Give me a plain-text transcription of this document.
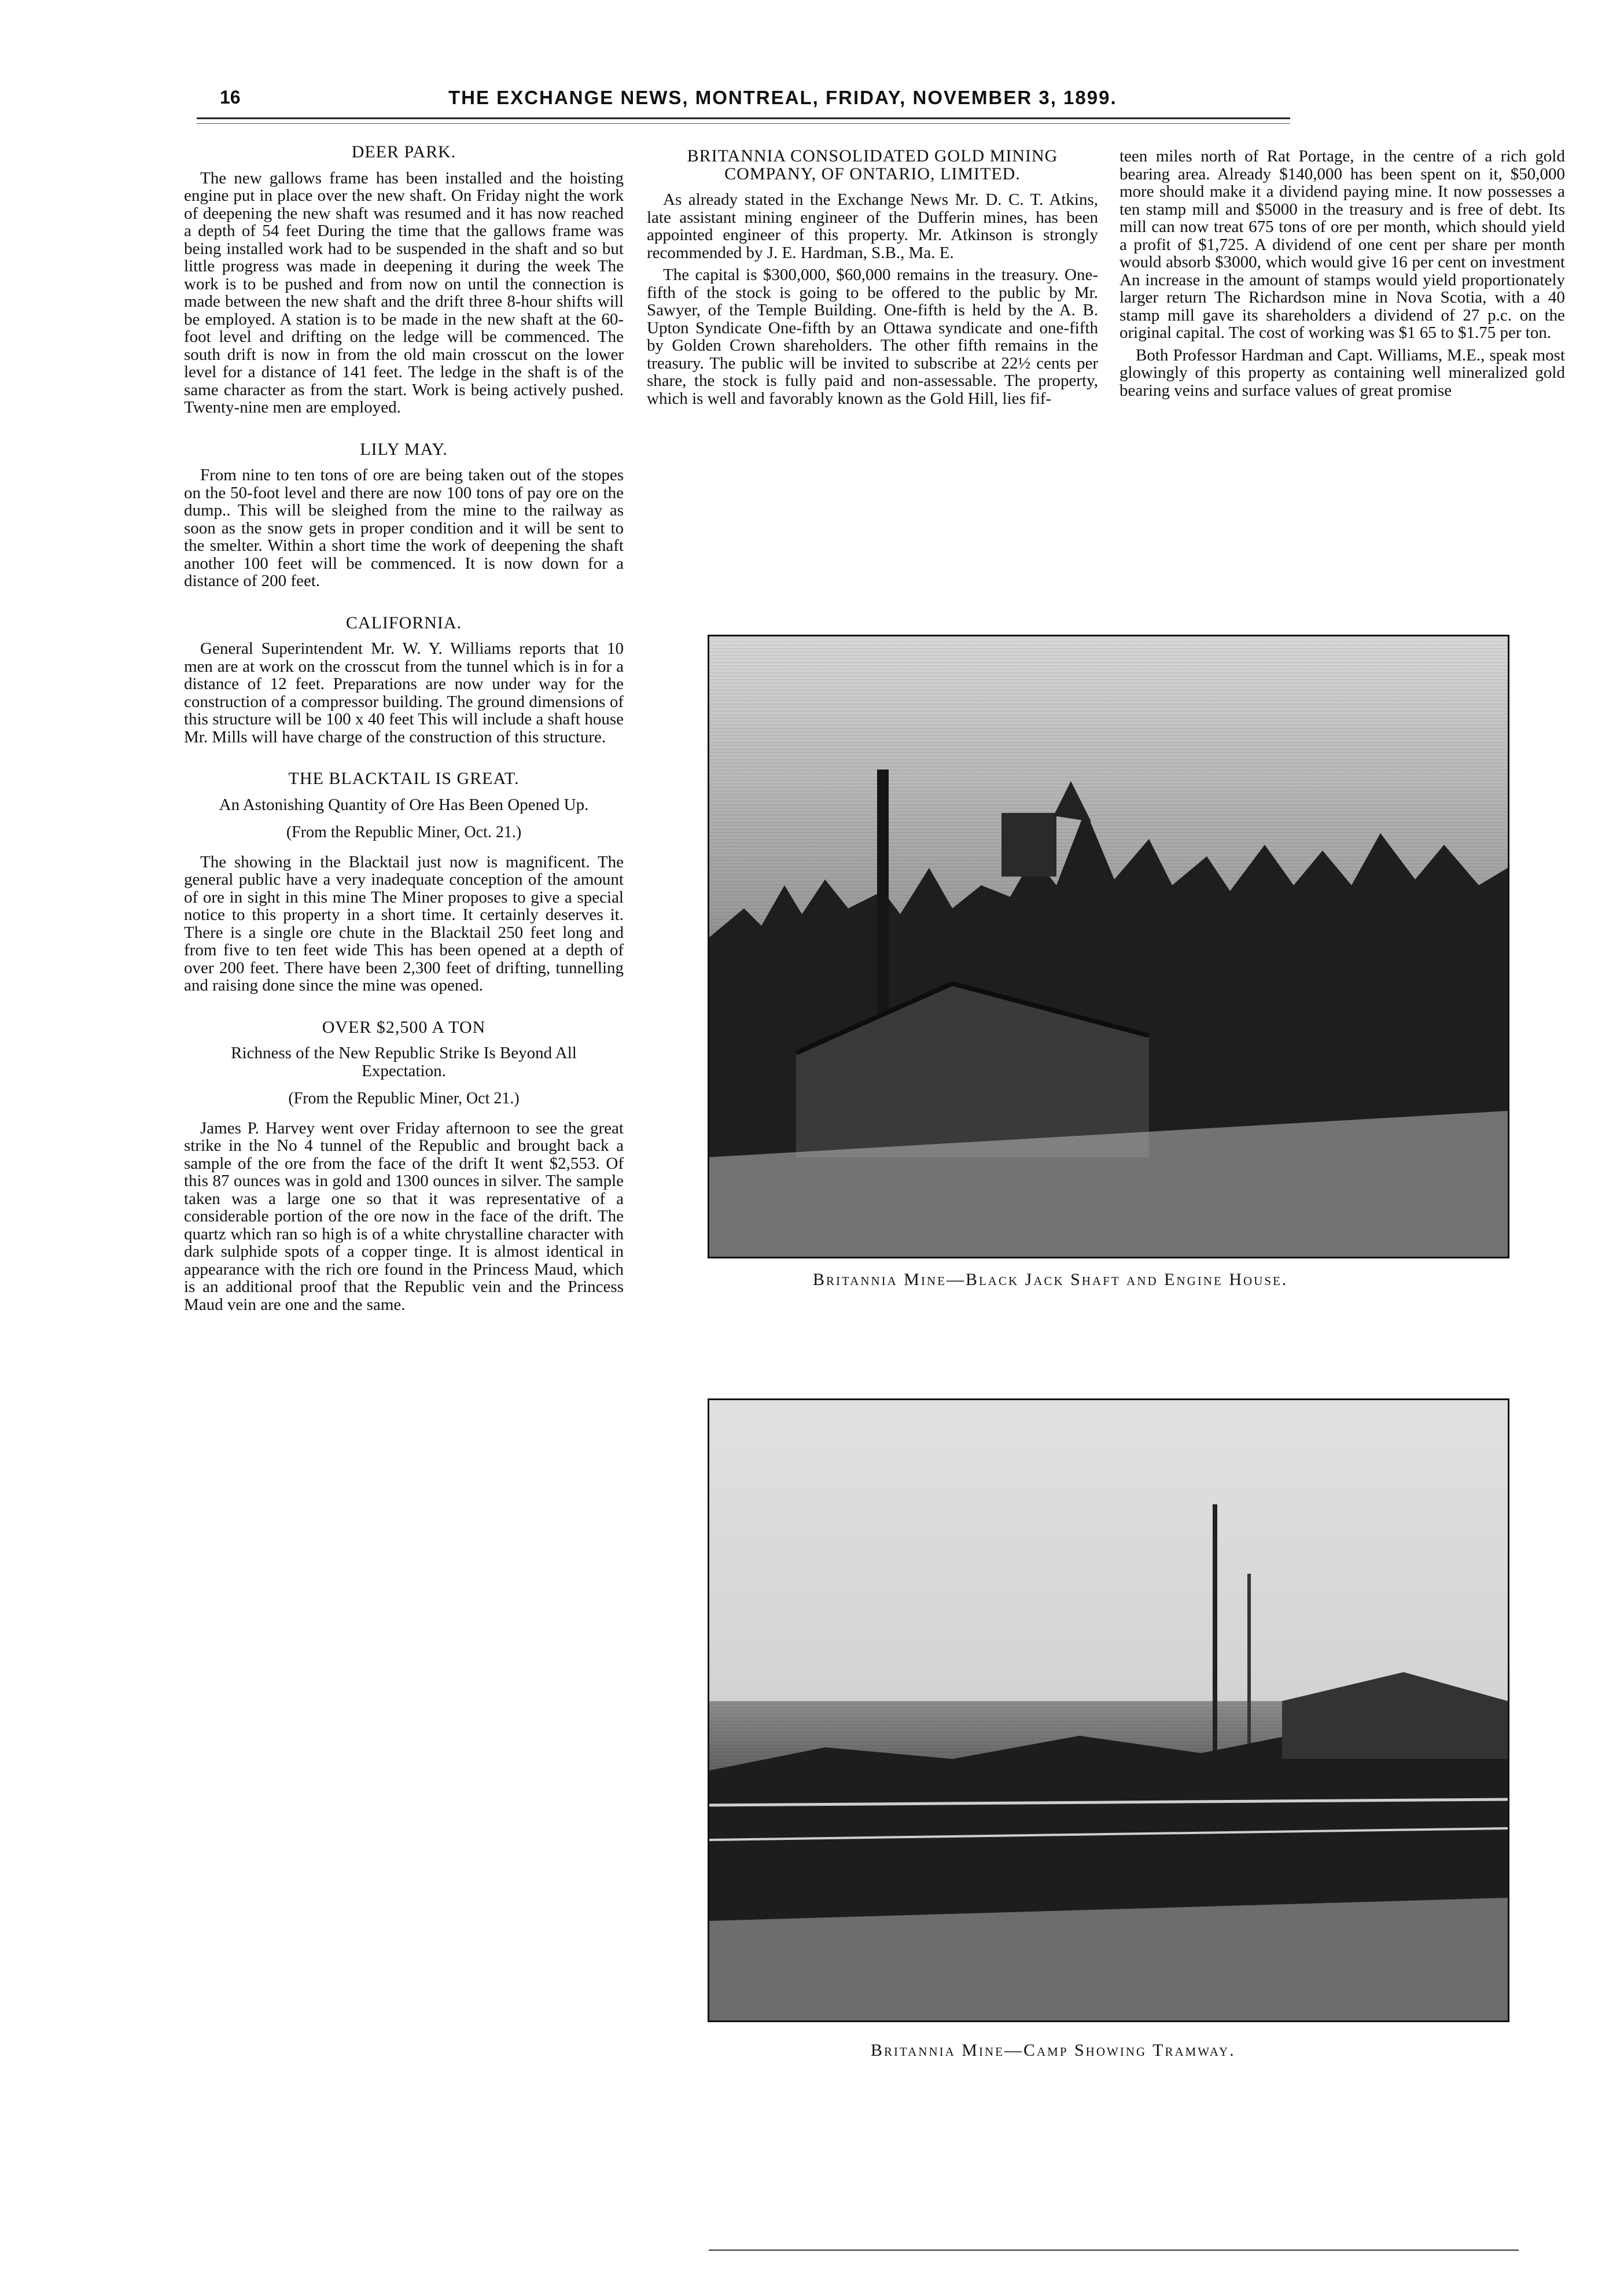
16	THE EXCHANGE NEWS, MONTREAL, FRIDAY, NOVEMBER 3, 1899.

DEER PARK.

The new gallows frame has been installed and the hoisting engine put in place over the new shaft. On Friday night the work of deepening the new shaft was resumed and it has now reached a depth of 54 feet During the time that the gallows frame was being installed work had to be suspended in the shaft and so but little progress was made in deepening it during the week The work is to be pushed and from now on until the connection is made between the new shaft and the drift three 8-hour shifts will be employed. A station is to be made in the new shaft at the 60-foot level and drifting on the ledge will be commenced. The south drift is now in from the old main crosscut on the lower level for a distance of 141 feet. The ledge in the shaft is of the same character as from the start. Work is being actively pushed. Twenty-nine men are employed.

LILY MAY.

From nine to ten tons of ore are being taken out of the stopes on the 50-foot level and there are now 100 tons of pay ore on the dump.. This will be sleighed from the mine to the railway as soon as the snow gets in proper condition and it will be sent to the smelter. Within a short time the work of deepening the shaft another 100 feet will be commenced. It is now down for a distance of 200 feet.

CALIFORNIA.

General Superintendent Mr. W. Y. Williams reports that 10 men are at work on the crosscut from the tunnel which is in for a distance of 12 feet. Preparations are now under way for the construction of a compressor building. The ground dimensions of this structure will be 100 x 40 feet This will include a shaft house Mr. Mills will have charge of the construction of this structure.

THE BLACKTAIL IS GREAT.

An Astonishing Quantity of Ore Has Been Opened Up.

(From the Republic Miner, Oct. 21.)

The showing in the Blacktail just now is magnificent. The general public have a very inadequate conception of the amount of ore in sight in this mine The Miner proposes to give a special notice to this property in a short time. It certainly deserves it. There is a single ore chute in the Blacktail 250 feet long and from five to ten feet wide This has been opened at a depth of over 200 feet. There have been 2,300 feet of drifting, tunnelling and raising done since the mine was opened.

OVER $2,500 A TON

Richness of the New Republic Strike Is Beyond All Expectation.

(From the Republic Miner, Oct 21.)

James P. Harvey went over Friday afternoon to see the great strike in the No 4 tunnel of the Republic and brought back a sample of the ore from the face of the drift It went $2,553. Of this 87 ounces was in gold and 1300 ounces in silver. The sample taken was a large one so that it was representative of a considerable portion of the ore now in the face of the drift. The quartz which ran so high is of a white chrystalline character with dark sulphide spots of a copper tinge. It is almost identical in appearance with the rich ore found in the Princess Maud, which is an additional proof that the Republic vein and the Princess Maud vein are one and the same.

BRITANNIA CONSOLIDATED GOLD MINING COMPANY, OF ONTARIO, LIMITED.

As already stated in the Exchange News Mr. D. C. T. Atkins, late assistant mining engineer of the Dufferin mines, has been appointed engineer of this property. Mr. Atkinson is strongly recommended by J. E. Hardman, S.B., Ma. E.

The capital is $300,000, $60,000 remains in the treasury. One-fifth of the stock is going to be offered to the public by Mr. Sawyer, of the Temple Building. One-fifth is held by the A. B. Upton Syndicate One-fifth by an Ottawa syndicate and one-fifth by Golden Crown shareholders. The other fifth remains in the treasury. The public will be invited to subscribe at 22½ cents per share, the stock is fully paid and non-assessable. The property, which is well and favorably known as the Gold Hill, lies fif-

teen miles north of Rat Portage, in the centre of a rich gold bearing area. Already $140,000 has been spent on it, $50,000 more should make it a dividend paying mine. It now possesses a ten stamp mill and $5000 in the treasury and is free of debt. Its mill can now treat 675 tons of ore per month, which should yield a profit of $1,725. A dividend of one cent per share per month would absorb $3000, which would give 16 per cent on investment An increase in the amount of stamps would yield proportionately larger return The Richardson mine in Nova Scotia, with a 40 stamp mill gave its shareholders a dividend of 27 p.c. on the original capital. The cost of working was $1 65 to $1.75 per ton.

Both Professor Hardman and Capt. Williams, M.E., speak most glowingly of this property as containing well mineralized gold bearing veins and surface values of great promise

Britannia Mine—Black Jack Shaft and Engine House.
Britannia Mine—Camp Showing Tramway.
